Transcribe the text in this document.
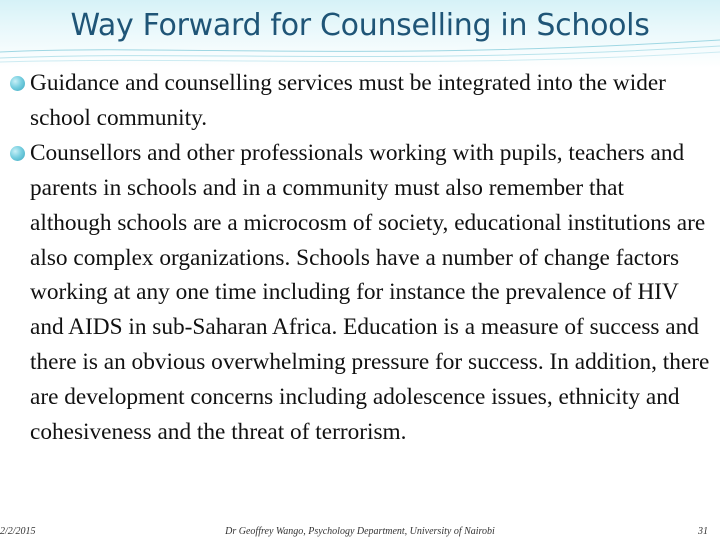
Way Forward for Counselling in Schools
Guidance and counselling services must be integrated into the wider school community.
Counsellors and other professionals working with pupils, teachers and parents in schools and in a community must also remember that although schools are a microcosm of society, educational institutions are also complex organizations. Schools have a number of change factors working at any one time including for instance the prevalence of HIV and AIDS in sub-Saharan Africa. Education is a measure of success and there is an obvious overwhelming pressure for success. In addition, there are development concerns including adolescence issues, ethnicity and cohesiveness and the threat of terrorism.
2/2/2015	Dr Geoffrey Wango, Psychology Department, University of Nairobi	31
